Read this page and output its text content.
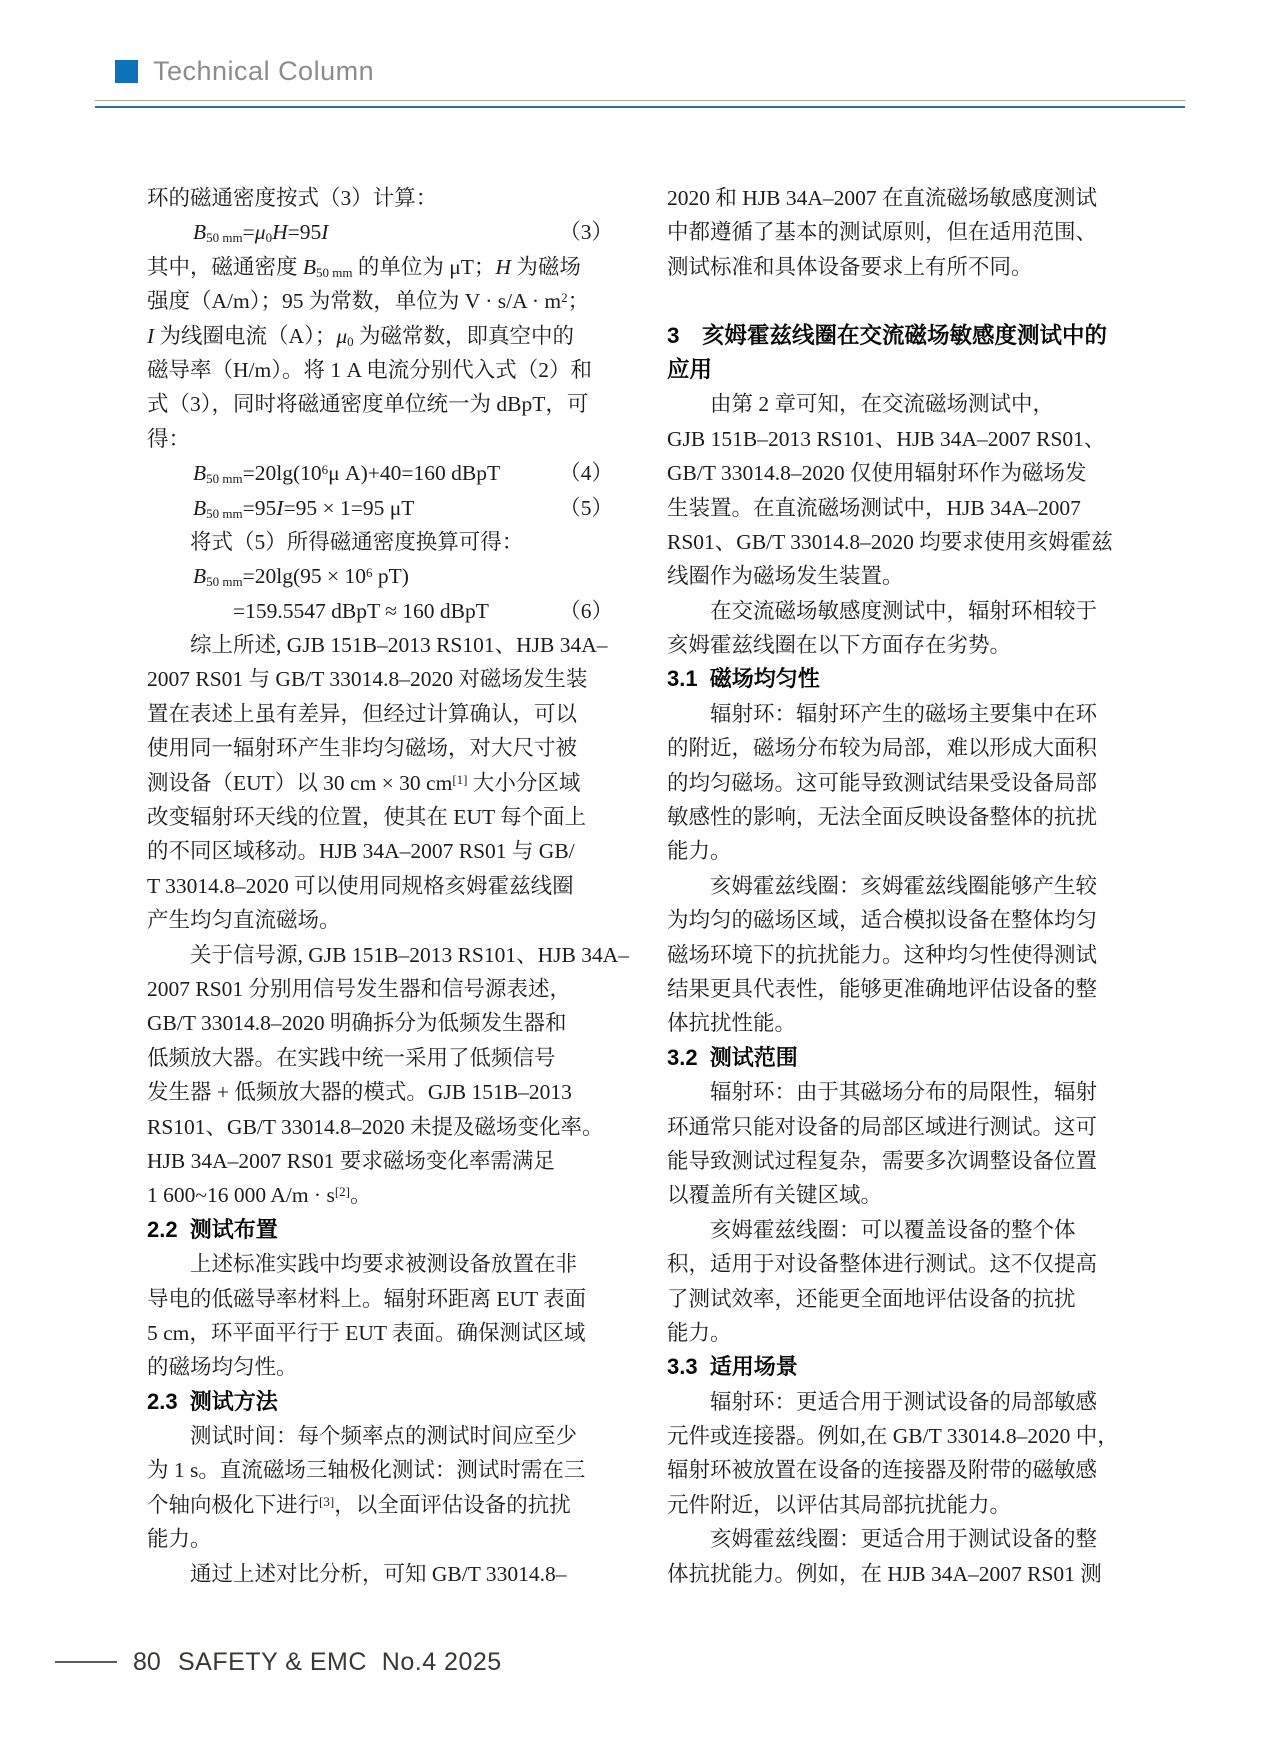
Technical Column
环的磁通密度按式（3）计算：
$B_{50 mm}=\mu_0H=95I$	（3）
其中，磁通密度 $B_{50 mm}$ 的单位为 μT；H 为磁场
强度（A/m）；95 为常数，单位为 $V \cdot s/A \cdot m^2$；
I 为线圈电流（A）；$\mu_0$ 为磁常数，即真空中的
磁导率（H/m）。将 1 A 电流分别代入式（2）和
式（3），同时将磁通密度单位统一为 dBpT，可
得：
$B_{50 mm}=20\lg(10^6\mu$ A)+40=160 dBpT	（4）
$B_{50 mm}=95I=95 \times 1=95$ μT	（5）
　　将式（5）所得磁通密度换算可得：
$B_{50 mm}=20\lg(95 \times 10^6$ pT)
=159.5547 dBpT ≈ 160 dBpT	（6）
　　综上所述, GJB 151B–2013 RS101、HJB 34A–
2007 RS01 与 GB/T 33014.8–2020 对磁场发生装
置在表述上虽有差异，但经过计算确认，可以
使用同一辐射环产生非均匀磁场，对大尺寸被
测设备（EUT）以 30 cm × 30 cm[1] 大小分区域
改变辐射环天线的位置，使其在 EUT 每个面上
的不同区域移动。HJB 34A–2007 RS01 与 GB/
T 33014.8–2020 可以使用同规格亥姆霍兹线圈
产生均匀直流磁场。
　　关于信号源, GJB 151B–2013 RS101、HJB 34A–
2007 RS01 分别用信号发生器和信号源表述，
GB/T 33014.8–2020 明确拆分为低频发生器和
低频放大器。在实践中统一采用了低频信号
发生器 + 低频放大器的模式。GJB 151B–2013
RS101、GB/T 33014.8–2020 未提及磁场变化率。
HJB 34A–2007 RS01 要求磁场变化率需满足
1 600~16 000 A/m · s[2]。
2.2  测试布置
　　上述标准实践中均要求被测设备放置在非
导电的低磁导率材料上。辐射环距离 EUT 表面
5 cm，环平面平行于 EUT 表面。确保测试区域
的磁场均匀性。
2.3  测试方法
　　测试时间：每个频率点的测试时间应至少
为 1 s。直流磁场三轴极化测试：测试时需在三
个轴向极化下进行[3]，以全面评估设备的抗扰
能力。
　　通过上述对比分析，可知 GB/T 33014.8–
2020 和 HJB 34A–2007 在直流磁场敏感度测试
中都遵循了基本的测试原则，但在适用范围、
测试标准和具体设备要求上有所不同。
3　亥姆霍兹线圈在交流磁场敏感度测试中的
应用
　　由第 2 章可知，在交流磁场测试中，
GJB 151B–2013 RS101、HJB 34A–2007 RS01、
GB/T 33014.8–2020 仅使用辐射环作为磁场发
生装置。在直流磁场测试中，HJB 34A–2007
RS01、GB/T 33014.8–2020 均要求使用亥姆霍兹
线圈作为磁场发生装置。
　　在交流磁场敏感度测试中，辐射环相较于
亥姆霍兹线圈在以下方面存在劣势。
3.1  磁场均匀性
　　辐射环：辐射环产生的磁场主要集中在环
的附近，磁场分布较为局部，难以形成大面积
的均匀磁场。这可能导致测试结果受设备局部
敏感性的影响，无法全面反映设备整体的抗扰
能力。
　　亥姆霍兹线圈：亥姆霍兹线圈能够产生较
为均匀的磁场区域，适合模拟设备在整体均匀
磁场环境下的抗扰能力。这种均匀性使得测试
结果更具代表性，能够更准确地评估设备的整
体抗扰性能。
3.2  测试范围
　　辐射环：由于其磁场分布的局限性，辐射
环通常只能对设备的局部区域进行测试。这可
能导致测试过程复杂，需要多次调整设备位置
以覆盖所有关键区域。
　　亥姆霍兹线圈：可以覆盖设备的整个体
积，适用于对设备整体进行测试。这不仅提高
了测试效率，还能更全面地评估设备的抗扰
能力。
3.3  适用场景
　　辐射环：更适合用于测试设备的局部敏感
元件或连接器。例如,在 GB/T 33014.8–2020 中，
辐射环被放置在设备的连接器及附带的磁敏感
元件附近，以评估其局部抗扰能力。
　　亥姆霍兹线圈：更适合用于测试设备的整
体抗扰能力。例如，在 HJB 34A–2007 RS01 测
80 SAFETY & EMC  No.4 2025
